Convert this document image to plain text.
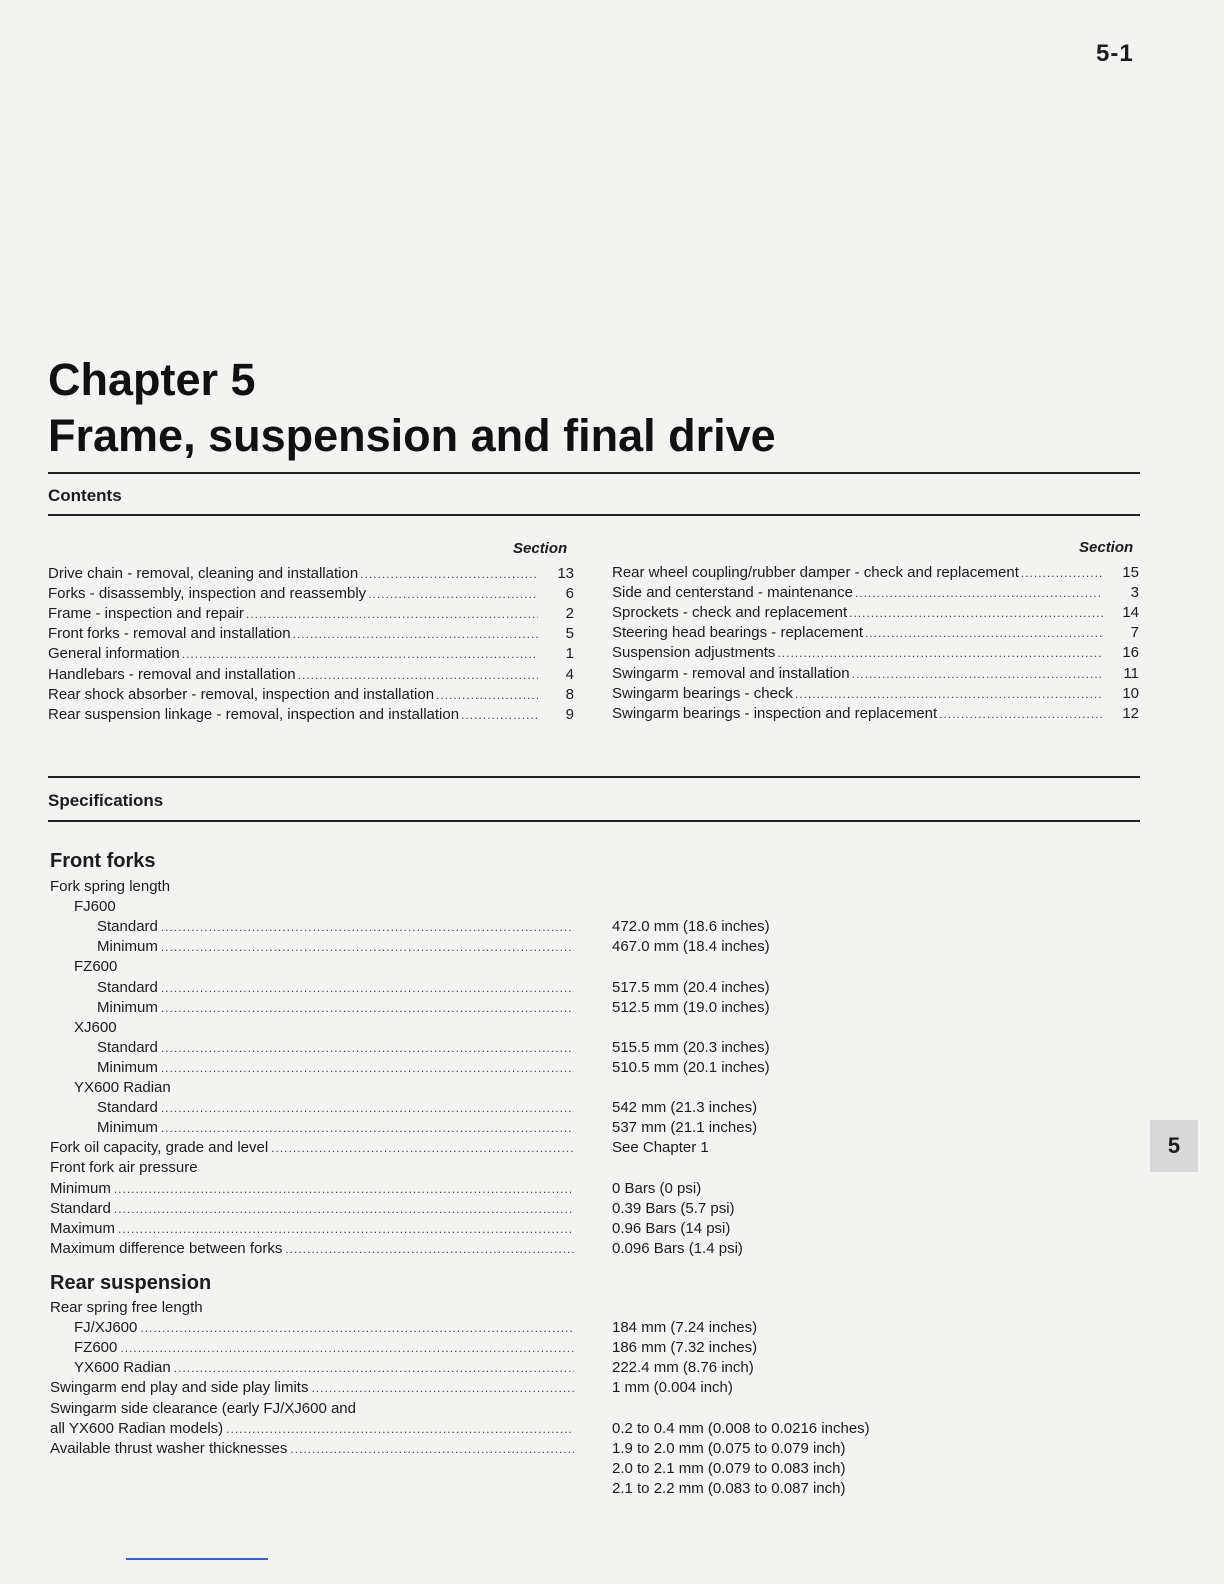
5-1
Chapter 5
Frame, suspension and final drive
Contents
Section	Section
Drive chain - removal, cleaning and installation .....	13
Forks - disassembly, inspection and reassembly .....	6
Frame - inspection and repair .....	2
Front forks - removal and installation .....	5
General information .....	1
Handlebars - removal and installation .....	4
Rear shock absorber - removal, inspection and installation .....	8
Rear suspension linkage - removal, inspection and installation .....	9
Rear wheel coupling/rubber damper - check and replacement .....	15
Side and centerstand - maintenance .....	3
Sprockets - check and replacement .....	14
Steering head bearings - replacement .....	7
Suspension adjustments .....	16
Swingarm - removal and installation .....	11
Swingarm bearings - check .....	10
Swingarm bearings - inspection and replacement .....	12
Specifications
Front forks
Fork spring length
FJ600
Standard .....	472.0 mm (18.6 inches)
Minimum .....	467.0 mm (18.4 inches)
FZ600
Standard .....	517.5 mm (20.4 inches)
Minimum .....	512.5 mm (19.0 inches)
XJ600
Standard .....	515.5 mm (20.3 inches)
Minimum .....	510.5 mm (20.1 inches)
YX600 Radian
Standard .....	542 mm (21.3 inches)
Minimum .....	537 mm (21.1 inches)
Fork oil capacity, grade and level .....	See Chapter 1
Front fork air pressure
Minimum .....	0 Bars (0 psi)
Standard .....	0.39 Bars (5.7 psi)
Maximum .....	0.96 Bars (14 psi)
Maximum difference between forks .....	0.096 Bars (1.4 psi)
Rear suspension
Rear spring free length
FJ/XJ600 .....	184 mm (7.24 inches)
FZ600 .....	186 mm (7.32 inches)
YX600 Radian .....	222.4 mm (8.76 inch)
Swingarm end play and side play limits .....	1 mm (0.004 inch)
Swingarm side clearance (early FJ/XJ600 and
all YX600 Radian models) .....	0.2 to 0.4 mm (0.008 to 0.0216 inches)
Available thrust washer thicknesses .....	1.9 to 2.0 mm (0.075 to 0.079 inch)
2.0 to 2.1 mm (0.079 to 0.083 inch)
2.1 to 2.2 mm (0.083 to 0.087 inch)
5
